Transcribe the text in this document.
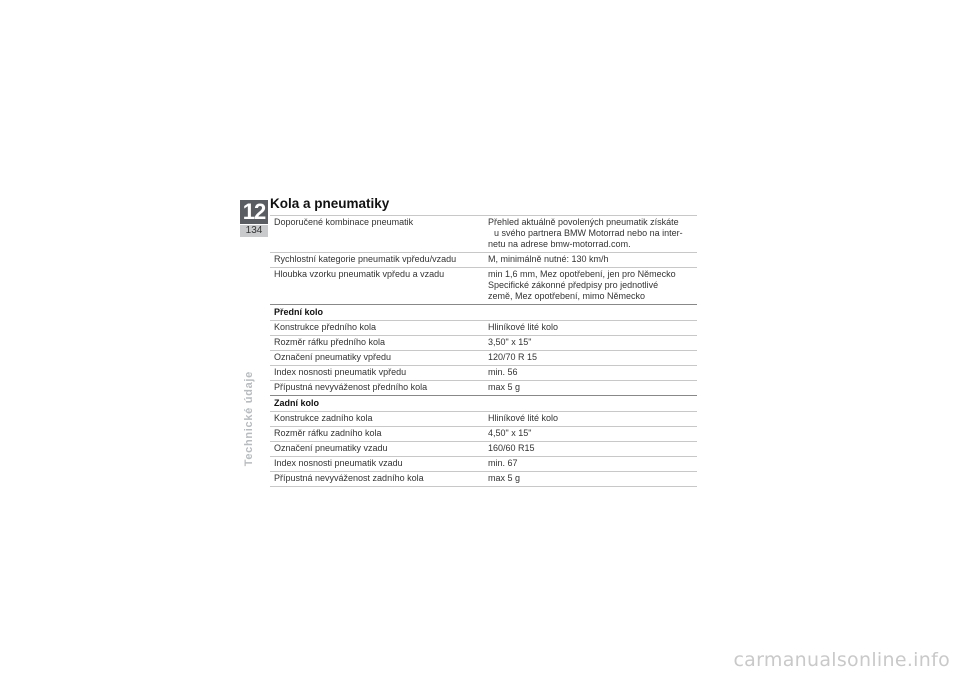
12
134
Technické údaje
Kola a pneumatiky
Doporučené kombinace pneumatik	Přehled aktuálně povolených pneumatik získáte
u svého partnera BMW Motorrad nebo na inter-
netu na adrese bmw-motorrad.com.
Rychlostní kategorie pneumatik vpředu/vzadu	M, minimálně nutné: 130 km/h
Hloubka vzorku pneumatik vpředu a vzadu	min 1,6 mm, Mez opotřebení, jen pro Německo
Specifické zákonné předpisy pro jednotlivé
země, Mez opotřebení, mimo Německo
Přední kolo
Konstrukce předního kola	Hliníkové lité kolo
Rozměr ráfku předního kola	3,50" x 15"
Označení pneumatiky vpředu	120/70 R 15
Index nosnosti pneumatik vpředu	min. 56
Přípustná nevyváženost předního kola	max 5 g
Zadní kolo
Konstrukce zadního kola	Hliníkové lité kolo
Rozměr ráfku zadního kola	4,50" x 15"
Označení pneumatiky vzadu	160/60 R15
Index nosnosti pneumatik vzadu	min. 67
Přípustná nevyváženost zadního kola	max 5 g
carmanualsonline.info
